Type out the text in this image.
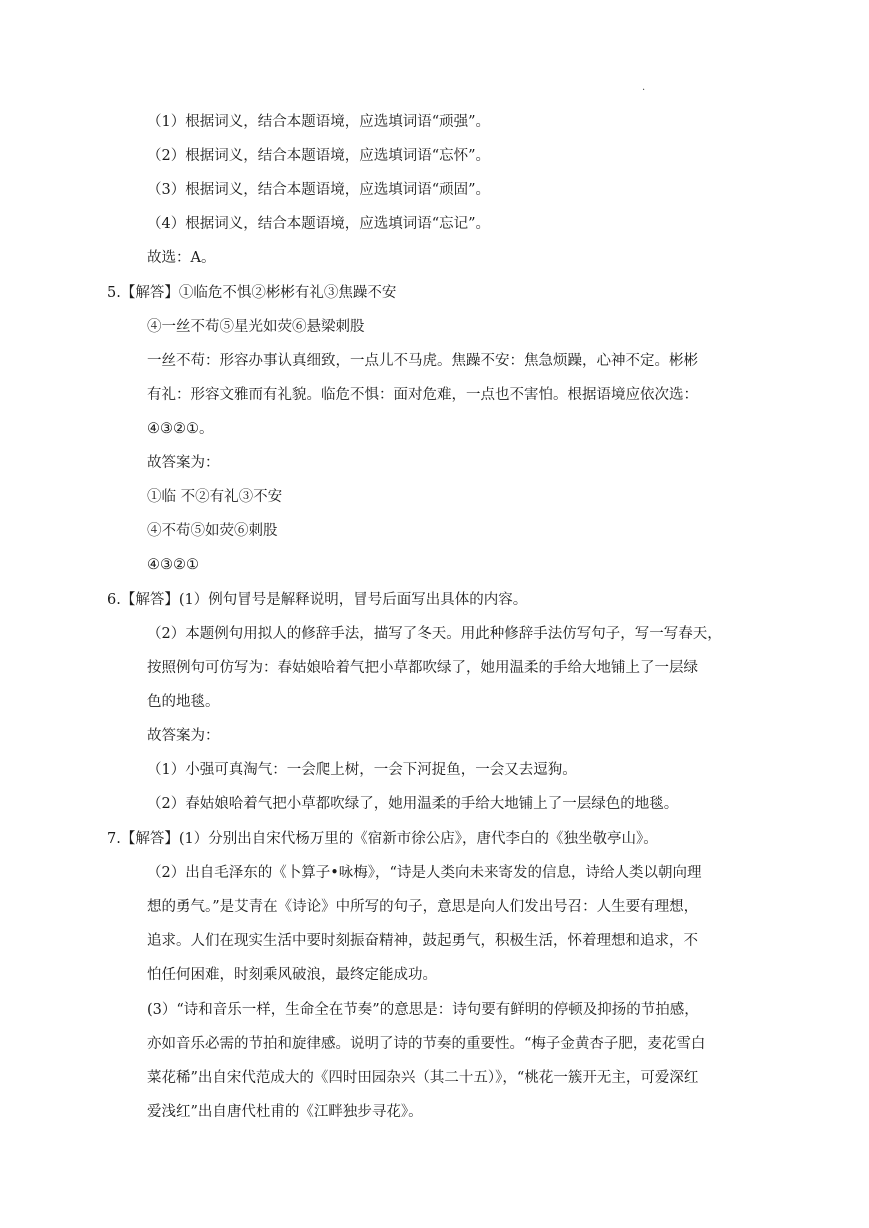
.
（1）根据词义，结合本题语境，应选填词语“顽强”。
（2）根据词义，结合本题语境，应选填词语“忘怀”。
（3）根据词义，结合本题语境，应选填词语“顽固”。
（4）根据词义，结合本题语境，应选填词语“忘记”。
故选：A。
5.【解答】①临危不惧②彬彬有礼③焦躁不安
④一丝不苟⑤星光如荧⑥悬梁刺股
一丝不苟：形容办事认真细致，一点儿不马虎。焦躁不安：焦急烦躁，心神不定。彬彬
有礼：形容文雅而有礼貌。临危不惧：面对危难，一点也不害怕。根据语境应依次选：
④③②①。
故答案为：
①临 不②有礼③不安
④不苟⑤如荧⑥刺股
④③②①
6.【解答】(1）例句冒号是解释说明，冒号后面写出具体的内容。
（2）本题例句用拟人的修辞手法，描写了冬天。用此种修辞手法仿写句子，写一写春天，
按照例句可仿写为：春姑娘哈着气把小草都吹绿了，她用温柔的手给大地铺上了一层绿
色的地毯。
故答案为：
（1）小强可真淘气：一会爬上树，一会下河捉鱼，一会又去逗狗。
（2）春姑娘哈着气把小草都吹绿了，她用温柔的手给大地铺上了一层绿色的地毯。
7.【解答】(1）分别出自宋代杨万里的《宿新市徐公店》，唐代李白的《独坐敬亭山》。
（2）出自毛泽东的《卜算子•咏梅》，“诗是人类向未来寄发的信息，诗给人类以朝向理
想的勇气。”是艾青在《诗论》中所写的句子，意思是向人们发出号召：人生要有理想，
追求。人们在现实生活中要时刻振奋精神，鼓起勇气，积极生活，怀着理想和追求，不
怕任何困难，时刻乘风破浪，最终定能成功。
(3）“诗和音乐一样，生命全在节奏”的意思是：诗句要有鲜明的停顿及抑扬的节拍感，
亦如音乐必需的节拍和旋律感。说明了诗的节奏的重要性。“梅子金黄杏子肥，麦花雪白
菜花稀”出自宋代范成大的《四时田园杂兴（其二十五）》，“桃花一簇开无主，可爱深红
爱浅红”出自唐代杜甫的《江畔独步寻花》。
